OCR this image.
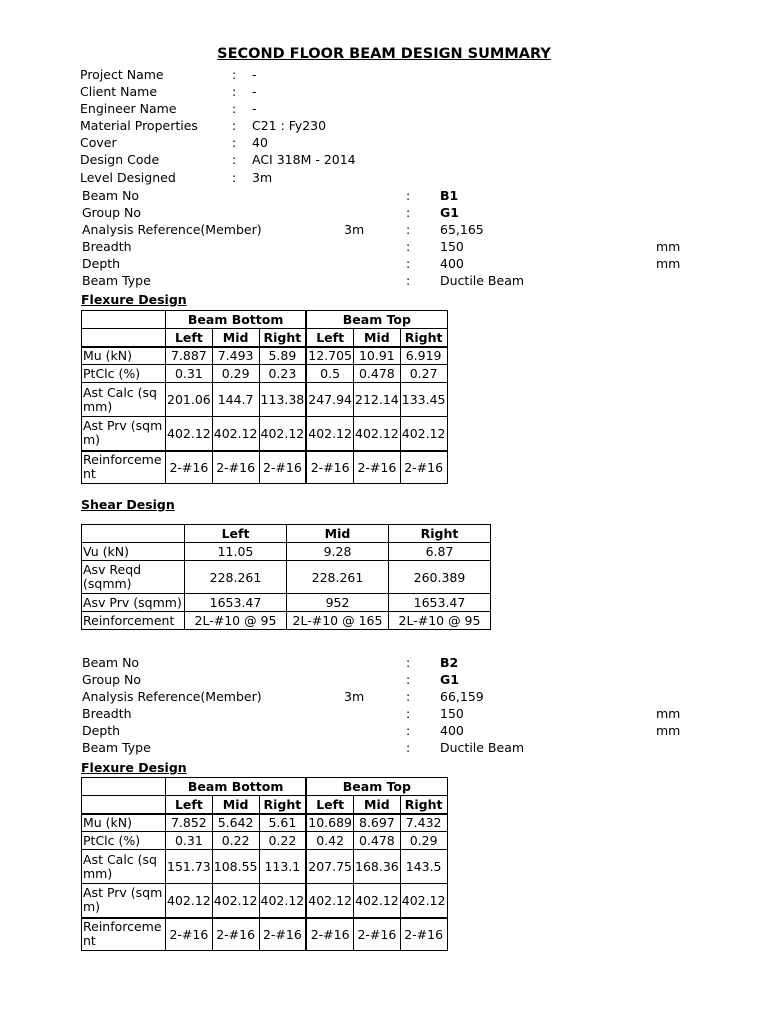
SECOND FLOOR BEAM DESIGN SUMMARY
Project Name	: -
Client Name	: -
Engineer Name	: -
Material Properties	: C21 : Fy230
Cover	: 40
Design Code	: ACI 318M - 2014
Level Designed	: 3m
Beam No	: B1
Group No	: G1
Analysis Reference(Member)	3m	: 65,165
Breadth	: 150	mm
Depth	: 400	mm
Beam Type	: Ductile Beam
Flexure Design
	Beam Bottom			Beam Top		
	Left	Mid	Right	Left	Mid	Right
Mu (kN)	7.887	7.493	5.89	12.705	10.91	6.919
PtClc (%)	0.31	0.29	0.23	0.5	0.478	0.27
Ast Calc (sqmm)	201.06	144.7	113.38	247.94	212.14	133.45
Ast Prv (sqmm)	402.12	402.12	402.12	402.12	402.12	402.12
Reinforcement	2-#16	2-#16	2-#16	2-#16	2-#16	2-#16
Shear Design
	Left	Mid	Right
Vu (kN)	11.05	9.28	6.87
Asv Reqd (sqmm)	228.261	228.261	260.389
Asv Prv (sqmm)	1653.47	952	1653.47
Reinforcement	2L-#10 @ 95	2L-#10 @ 165	2L-#10 @ 95
Beam No	: B2
Group No	: G1
Analysis Reference(Member)	3m	: 66,159
Breadth	: 150	mm
Depth	: 400	mm
Beam Type	: Ductile Beam
Flexure Design
	Beam Bottom			Beam Top		
	Left	Mid	Right	Left	Mid	Right
Mu (kN)	7.852	5.642	5.61	10.689	8.697	7.432
PtClc (%)	0.31	0.22	0.22	0.42	0.478	0.29
Ast Calc (sqmm)	151.73	108.55	113.1	207.75	168.36	143.5
Ast Prv (sqmm)	402.12	402.12	402.12	402.12	402.12	402.12
Reinforcement	2-#16	2-#16	2-#16	2-#16	2-#16	2-#16
